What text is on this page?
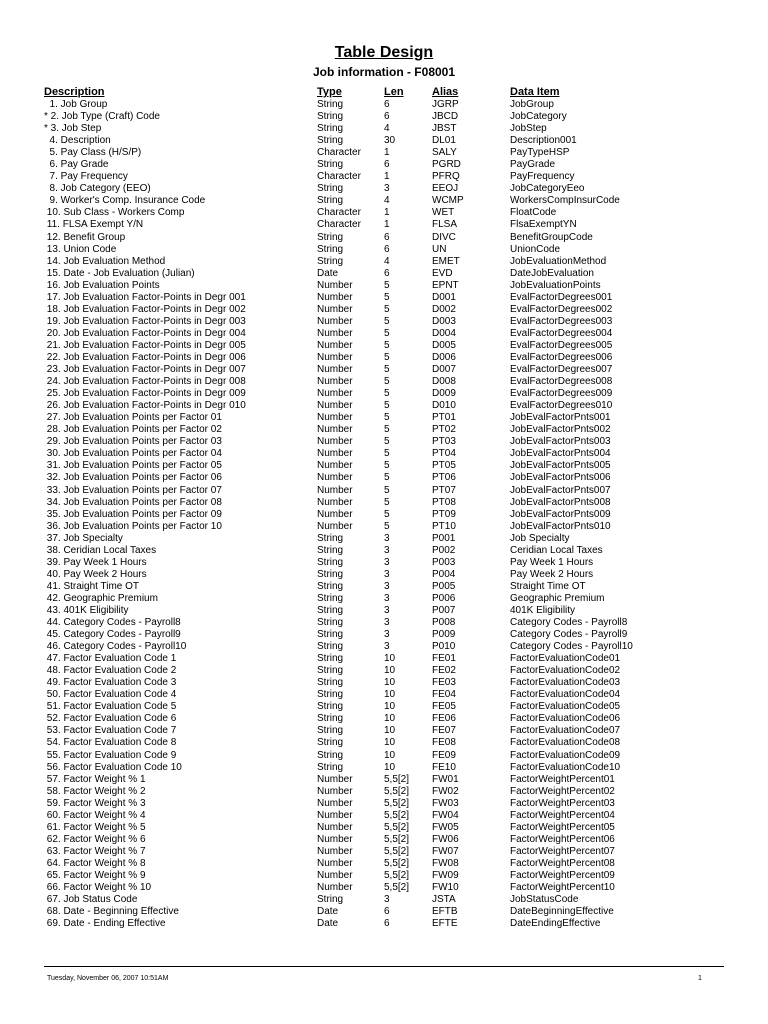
Table Design
Job information - F08001
Description	Type	Len	Alias	Data Item
1. Job Group	String	6	JGRP	JobGroup
* 2. Job Type (Craft) Code	String	6	JBCD	JobCategory
* 3. Job Step	String	4	JBST	JobStep
4. Description	String	30	DL01	Description001
5. Pay Class (H/S/P)	Character 1	SALY	PayTypeHSP
6. Pay Grade	String	6	PGRD	PayGrade
7. Pay Frequency	Character 1	PFRQ	PayFrequency
8. Job Category (EEO)	String	3	EEOJ	JobCategoryEeo
9. Worker's Comp. Insurance Code	String	4	WCMP	WorkersCompInsurCode
10. Sub Class - Workers Comp	Character 1	WET	FloatCode
11. FLSA Exempt Y/N	Character 1	FLSA	FlsaExemptYN
12. Benefit Group	String	6	DIVC	BenefitGroupCode
13. Union Code	String	6	UN	UnionCode
14. Job Evaluation Method	String	4	EMET	JobEvaluationMethod
15. Date - Job Evaluation (Julian)	Date	6	EVD	DateJobEvaluation
16. Job Evaluation Points	Number	5	EPNT	JobEvaluationPoints
17. Job Evaluation Factor-Points in Degr 001	Number	5	D001	EvalFactorDegrees001
18. Job Evaluation Factor-Points in Degr 002	Number	5	D002	EvalFactorDegrees002
19. Job Evaluation Factor-Points in Degr 003	Number	5	D003	EvalFactorDegrees003
20. Job Evaluation Factor-Points in Degr 004	Number	5	D004	EvalFactorDegrees004
21. Job Evaluation Factor-Points in Degr 005	Number	5	D005	EvalFactorDegrees005
22. Job Evaluation Factor-Points in Degr 006	Number	5	D006	EvalFactorDegrees006
23. Job Evaluation Factor-Points in Degr 007	Number	5	D007	EvalFactorDegrees007
24. Job Evaluation Factor-Points in Degr 008	Number	5	D008	EvalFactorDegrees008
25. Job Evaluation Factor-Points in Degr 009	Number	5	D009	EvalFactorDegrees009
26. Job Evaluation Factor-Points in Degr 010	Number	5	D010	EvalFactorDegrees010
27. Job Evaluation Points per Factor 01	Number	5	PT01	JobEvalFactorPnts001
28. Job Evaluation Points per Factor 02	Number	5	PT02	JobEvalFactorPnts002
29. Job Evaluation Points per Factor 03	Number	5	PT03	JobEvalFactorPnts003
30. Job Evaluation Points per Factor 04	Number	5	PT04	JobEvalFactorPnts004
31. Job Evaluation Points per Factor 05	Number	5	PT05	JobEvalFactorPnts005
32. Job Evaluation Points per Factor 06	Number	5	PT06	JobEvalFactorPnts006
33. Job Evaluation Points per Factor 07	Number	5	PT07	JobEvalFactorPnts007
34. Job Evaluation Points per Factor 08	Number	5	PT08	JobEvalFactorPnts008
35. Job Evaluation Points per Factor 09	Number	5	PT09	JobEvalFactorPnts009
36. Job Evaluation Points per Factor 10	Number	5	PT10	JobEvalFactorPnts010
37. Job Specialty	String	3	P001	Job Specialty
38. Ceridian Local Taxes	String	3	P002	Ceridian Local Taxes
39. Pay Week 1 Hours	String	3	P003	Pay Week 1 Hours
40. Pay Week 2 Hours	String	3	P004	Pay Week 2 Hours
41. Straight Time OT	String	3	P005	Straight Time OT
42. Geographic Premium	String	3	P006	Geographic Premium
43. 401K Eligibility	String	3	P007	401K Eligibility
44. Category Codes - Payroll8	String	3	P008	Category Codes - Payroll8
45. Category Codes - Payroll9	String	3	P009	Category Codes - Payroll9
46. Category Codes - Payroll10	String	3	P010	Category Codes - Payroll10
47. Factor Evaluation Code 1	String	10	FE01	FactorEvaluationCode01
48. Factor Evaluation Code 2	String	10	FE02	FactorEvaluationCode02
49. Factor Evaluation Code 3	String	10	FE03	FactorEvaluationCode03
50. Factor Evaluation Code 4	String	10	FE04	FactorEvaluationCode04
51. Factor Evaluation Code 5	String	10	FE05	FactorEvaluationCode05
52. Factor Evaluation Code 6	String	10	FE06	FactorEvaluationCode06
53. Factor Evaluation Code 7	String	10	FE07	FactorEvaluationCode07
54. Factor Evaluation Code 8	String	10	FE08	FactorEvaluationCode08
55. Factor Evaluation Code 9	String	10	FE09	FactorEvaluationCode09
56. Factor Evaluation Code 10	String	10	FE10	FactorEvaluationCode10
57. Factor Weight % 1	Number	5,5[2] FW01	FactorWeightPercent01
58. Factor Weight % 2	Number	5,5[2] FW02	FactorWeightPercent02
59. Factor Weight % 3	Number	5,5[2] FW03	FactorWeightPercent03
60. Factor Weight % 4	Number	5,5[2] FW04	FactorWeightPercent04
61. Factor Weight % 5	Number	5,5[2] FW05	FactorWeightPercent05
62. Factor Weight % 6	Number	5,5[2] FW06	FactorWeightPercent06
63. Factor Weight % 7	Number	5,5[2] FW07	FactorWeightPercent07
64. Factor Weight % 8	Number	5,5[2] FW08	FactorWeightPercent08
65. Factor Weight % 9	Number	5,5[2] FW09	FactorWeightPercent09
66. Factor Weight % 10	Number	5,5[2] FW10	FactorWeightPercent10
67. Job Status Code	String	3	JSTA	JobStatusCode
68. Date - Beginning Effective	Date	6	EFTB	DateBeginningEffective
69. Date - Ending Effective	Date	6	EFTE	DateEndingEffective
Tuesday, November 06, 2007 10:51AM	1
